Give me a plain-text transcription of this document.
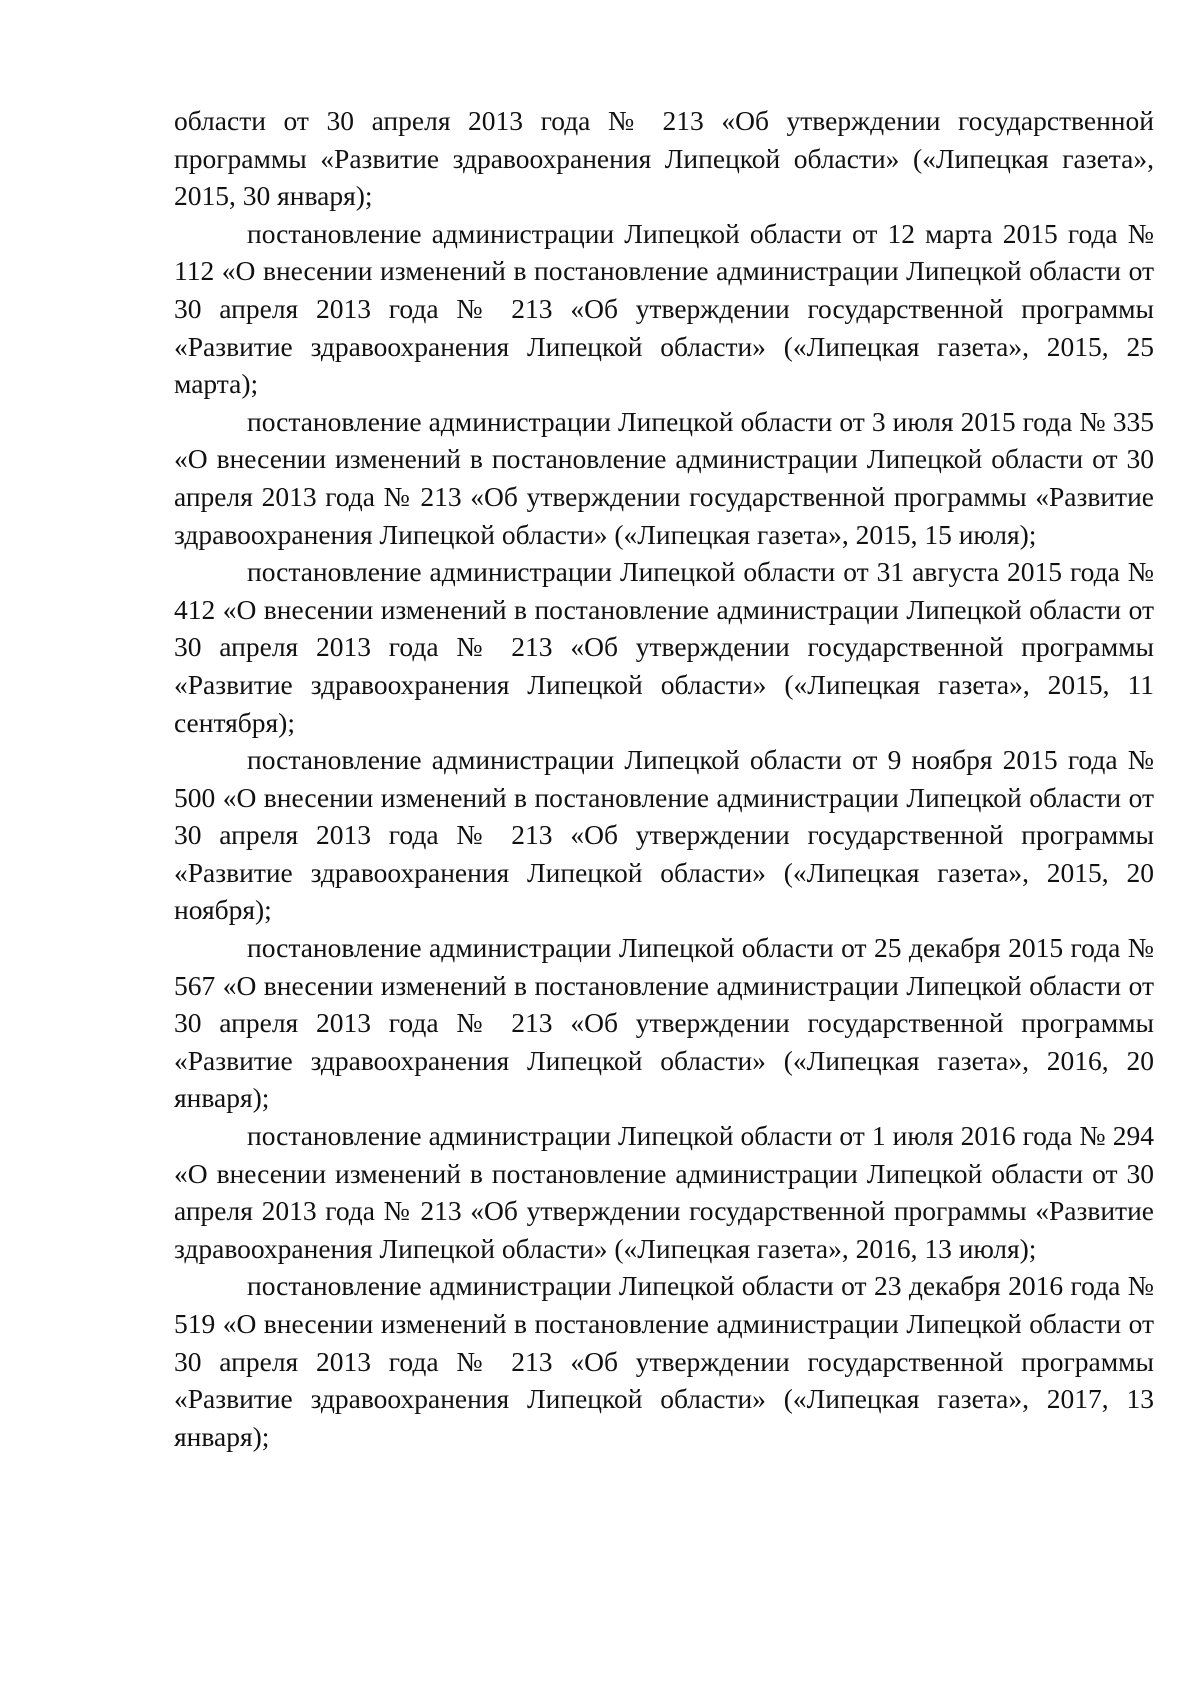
области от 30 апреля 2013 года № 213 «Об утверждении государственной программы «Развитие здравоохранения Липецкой области» («Липецкая газета», 2015, 30 января);

постановление администрации Липецкой области от 12 марта 2015 года № 112 «О внесении изменений в постановление администрации Липецкой области от 30 апреля 2013 года № 213 «Об утверждении государственной программы «Развитие здравоохранения Липецкой области» («Липецкая газета», 2015, 25 марта);

постановление администрации Липецкой области от 3 июля 2015 года № 335 «О внесении изменений в постановление администрации Липецкой области от 30 апреля 2013 года № 213 «Об утверждении государственной программы «Развитие здравоохранения Липецкой области» («Липецкая газета», 2015, 15 июля);

постановление администрации Липецкой области от 31 августа 2015 года № 412 «О внесении изменений в постановление администрации Липецкой области от 30 апреля 2013 года № 213 «Об утверждении государственной программы «Развитие здравоохранения Липецкой области» («Липецкая газета», 2015, 11 сентября);

постановление администрации Липецкой области от 9 ноября 2015 года № 500 «О внесении изменений в постановление администрации Липецкой области от 30 апреля 2013 года № 213 «Об утверждении государственной программы «Развитие здравоохранения Липецкой области» («Липецкая газета», 2015, 20 ноября);

постановление администрации Липецкой области от 25 декабря 2015 года № 567 «О внесении изменений в постановление администрации Липецкой области от 30 апреля 2013 года № 213 «Об утверждении государственной программы «Развитие здравоохранения Липецкой области» («Липецкая газета», 2016, 20 января);

постановление администрации Липецкой области от 1 июля 2016 года № 294 «О внесении изменений в постановление администрации Липецкой области от 30 апреля 2013 года № 213 «Об утверждении государственной программы «Развитие здравоохранения Липецкой области» («Липецкая газета», 2016, 13 июля);

постановление администрации Липецкой области от 23 декабря 2016 года № 519 «О внесении изменений в постановление администрации Липецкой области от 30 апреля 2013 года № 213 «Об утверждении государственной программы «Развитие здравоохранения Липецкой области» («Липецкая газета», 2017, 13 января);
